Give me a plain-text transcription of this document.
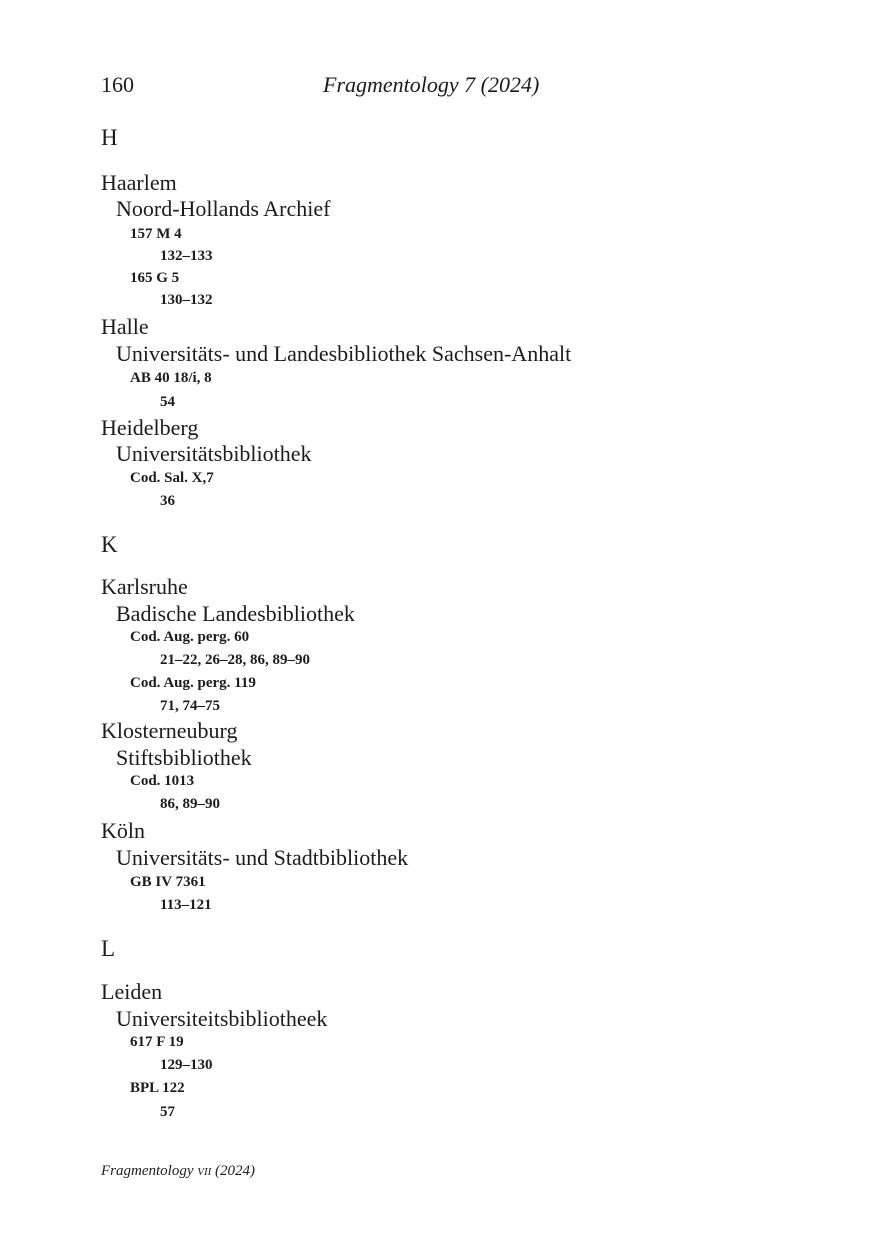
160	Fragmentology 7 (2024)
H
Haarlem
Noord-Hollands Archief
157 M 4
132–133
165 G 5
130–132
Halle
Universitäts- und Landesbibliothek Sachsen-Anhalt
AB 40 18/i, 8
54
Heidelberg
Universitätsbibliothek
Cod. Sal. X,7
36
K
Karlsruhe
Badische Landesbibliothek
Cod. Aug. perg. 60
21–22, 26–28, 86, 89–90
Cod. Aug. perg. 119
71, 74–75
Klosterneuburg
Stiftsbibliothek
Cod. 1013
86, 89–90
Köln
Universitäts- und Stadtbibliothek
GB IV 7361
113–121
L
Leiden
Universiteitsbibliotheek
617 F 19
129–130
BPL 122
57
Fragmentology vii (2024)
